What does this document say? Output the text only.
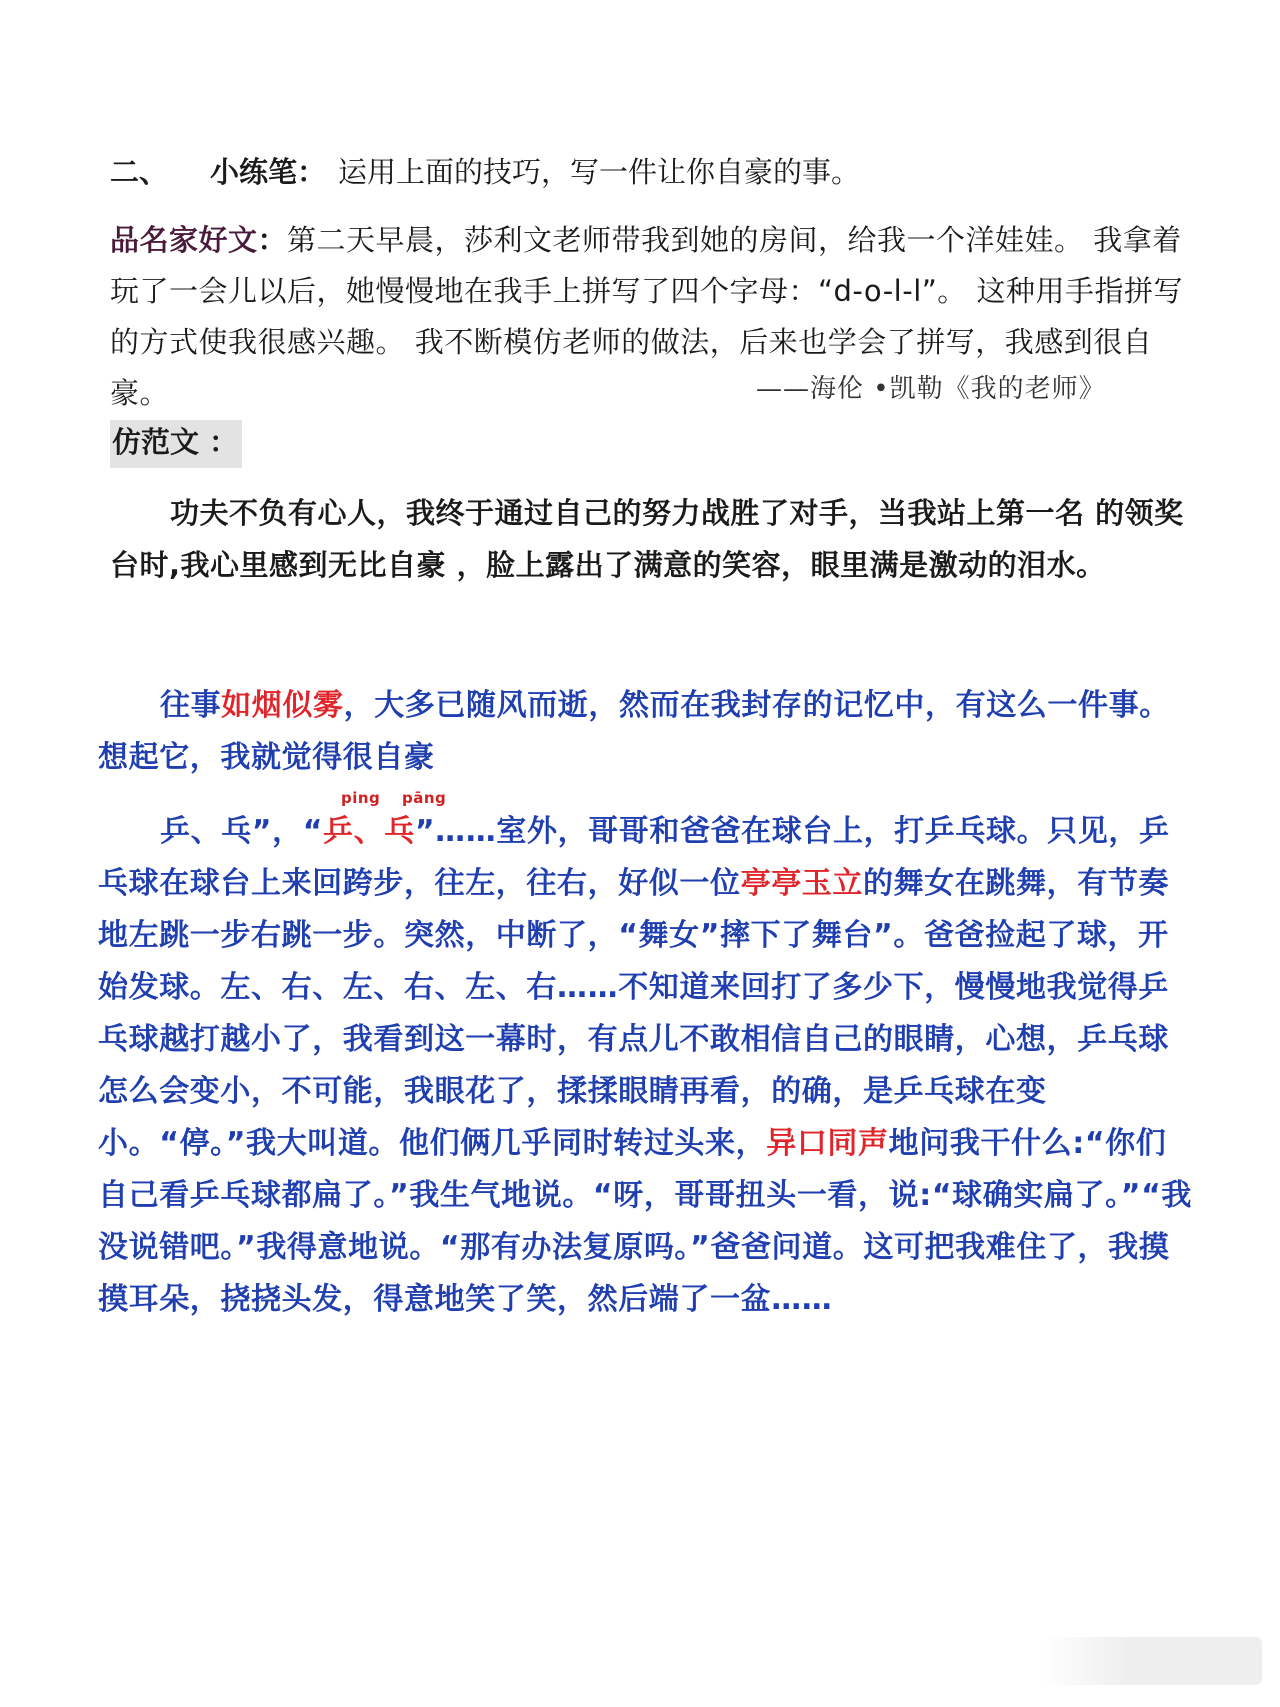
二、 小练笔： 运用上面的技巧，写一件让你自豪的事。
品名家好文：第二天早晨，莎利文老师带我到她的房间，给我一个洋娃娃。 我拿着玩了一会儿以后，她慢慢地在我手上拼写了四个字母：“d-o-l-l”。 这种用手指拼写的方式使我很感兴趣。 我不断模仿老师的做法，后来也学会了拼写，我感到很自豪。	——海伦 •凯勒《我的老师》
仿范文 ：
功夫不负有心人，我终于通过自己的努力战胜了对手，当我站上第一名 的领奖台时,我心里感到无比自豪 ，脸上露出了满意的笑容，眼里满是激动的泪水。
往事如烟似雾，大多已随风而逝，然而在我封存的记忆中，有这么一件事。想起它，我就觉得很自豪
ping pāng
乒、乓”，“乒、乓”……室外，哥哥和爸爸在球台上，打乒乓球。只见，乒乓球在球台上来回跨步，往左，往右，好似一位亭亭玉立的舞女在跳舞，有节奏地左跳一步右跳一步。突然，中断了，“舞女”摔下了舞台”。爸爸捡起了球，开始发球。左、右、左、右、左、右……不知道来回打了多少下，慢慢地我觉得乒乓球越打越小了，我看到这一幕时，有点儿不敢相信自己的眼睛，心想，乒乓球怎么会变小，不可能，我眼花了，揉揉眼睛再看，的确，是乒乓球在变小。“停。”我大叫道。他们俩几乎同时转过头来，异口同声地问我干什么:“你们自己看乒乓球都扁了。”我生气地说。“呀，哥哥扭头一看，说:“球确实扁了。”“我没说错吧。”我得意地说。“那有办法复原吗。”爸爸问道。这可把我难住了，我摸摸耳朵，挠挠头发，得意地笑了笑，然后端了一盆……
